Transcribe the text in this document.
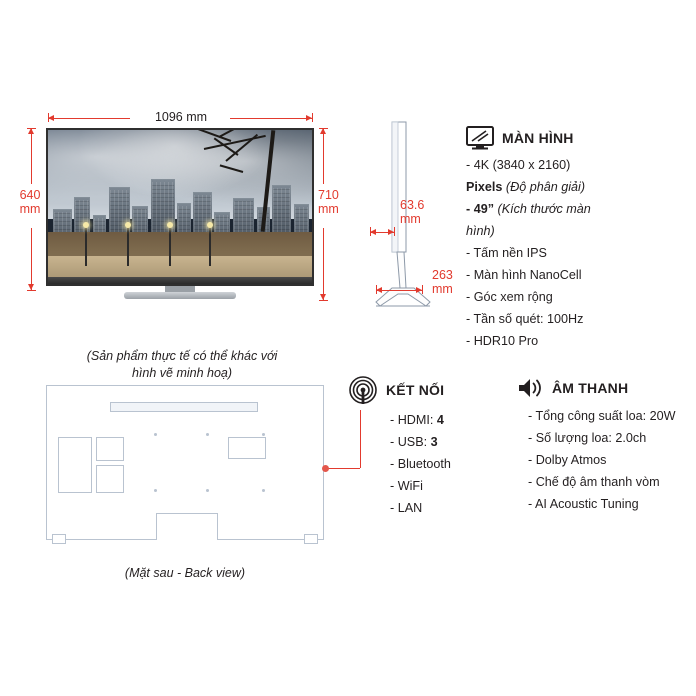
1096 mm
640
mm
710
mm
(Sản phẩm thực tế có thể khác với
hình vẽ minh hoạ)
63.6
mm
263
mm
MÀN HÌNH
- 4K (3840 x 2160)
Pixels (Độ phân giải)
- 49” (Kích thước màn
hình)
- Tấm nền IPS
- Màn hình NanoCell
- Góc xem rộng
- Tần số quét: 100Hz
- HDR10 Pro
(Mặt sau - Back view)
KẾT NỐI
- HDMI: 4
- USB: 3
- Bluetooth
- WiFi
- LAN
ÂM THANH
- Tổng công suất loa: 20W
- Số lượng loa: 2.0ch
- Dolby Atmos
- Chế độ âm thanh vòm
- AI Acoustic Tuning
